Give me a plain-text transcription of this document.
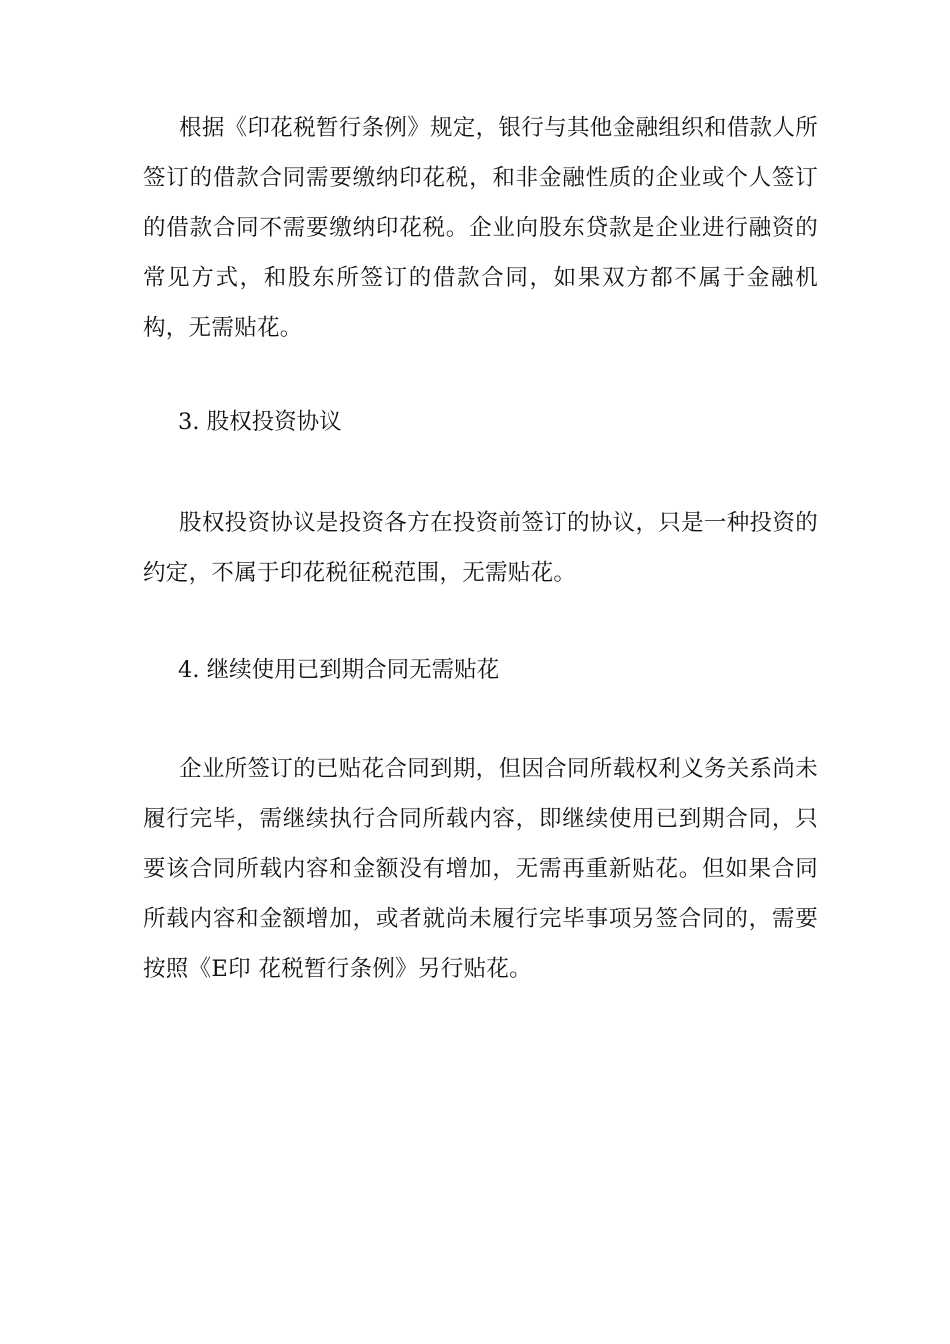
根据《印花税暂行条例》规定，银行与其他金融组织和借款人所签订的借款合同需要缴纳印花税，和非金融性质的企业或个人签订的借款合同不需要缴纳印花税。企业向股东贷款是企业进行融资的常见方式，和股东所签订的借款合同，如果双方都不属于金融机构，无需贴花。

3. 股权投资协议

股权投资协议是投资各方在投资前签订的协议，只是一种投资的约定，不属于印花税征税范围，无需贴花。

4. 继续使用已到期合同无需贴花

企业所签订的已贴花合同到期，但因合同所载权利义务关系尚未履行完毕，需继续执行合同所载内容，即继续使用已到期合同，只要该合同所载内容和金额没有增加，无需再重新贴花。但如果合同所载内容和金额增加，或者就尚未履行完毕事项另签合同的，需要按照《E印 花税暂行条例》另行贴花。
